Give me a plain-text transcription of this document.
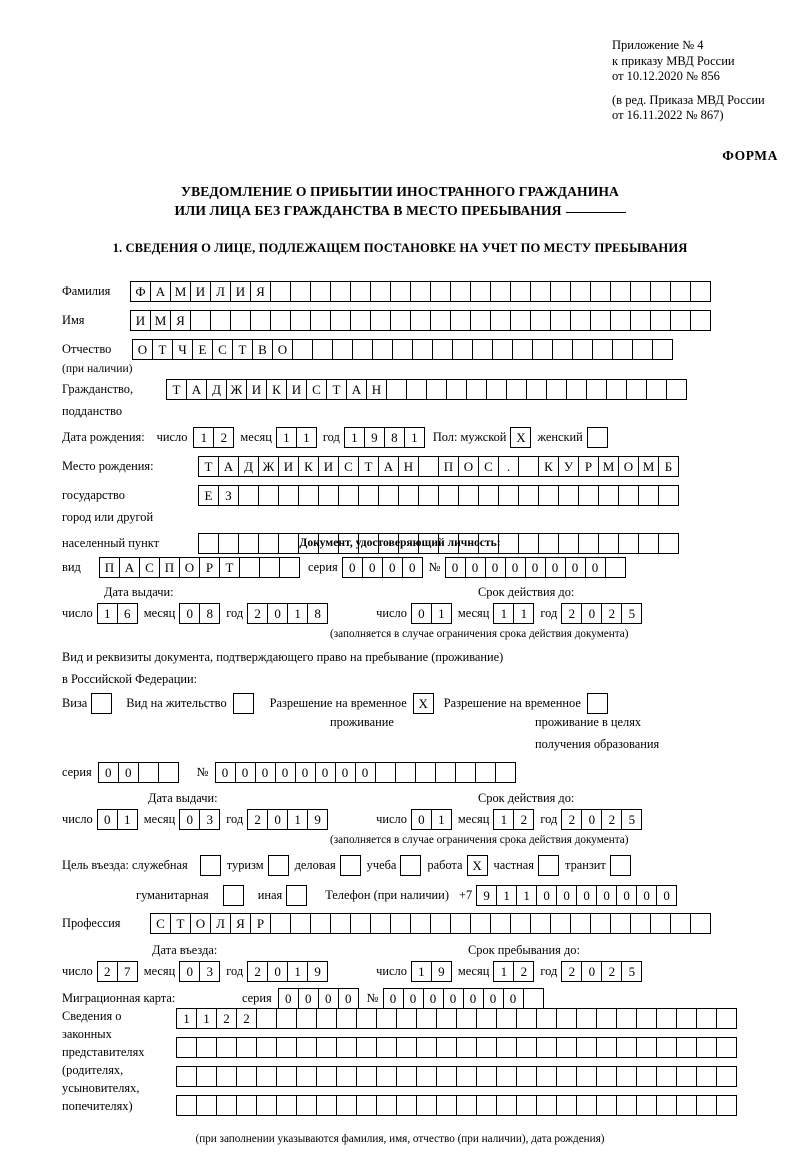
Приложение № 4
к приказу МВД России
от 10.12.2020 № 856
(в ред. Приказа МВД России
от 16.11.2022 № 867)
ФОРМА
УВЕДОМЛЕНИЕ О ПРИБЫТИИ ИНОСТРАННОГО ГРАЖДАНИНА
ИЛИ ЛИЦА БЕЗ ГРАЖДАНСТВА В МЕСТО ПРЕБЫВАНИЯ
1. СВЕДЕНИЯ О ЛИЦЕ, ПОДЛЕЖАЩЕМ ПОСТАНОВКЕ НА УЧЕТ ПО МЕСТУ ПРЕБЫВАНИЯ
Фамилия	Ф А М И Л И Я
Имя	И М Я
Отчество	О Т Ч Е С Т В О
(при наличии)
Гражданство,	Т А Д Ж И К И С Т А Н
подданство
Дата рождения: число	1	2	месяц 1	1	год 1	9	8	1	Пол: мужской X женский
Место рождения:	Т А Д Ж И К И С Т А Н	П О С	.	К У Р М О М Б
государство	Е З
город или другой
населенный пункт	Документ, удостоверяющий личность:
вид	П А С П О Р Т	серия 0	0	0	0	№ 0	0	0	0	0	0	0	0
Дата выдачи:	Срок действия до:
число 1	6	месяц 0	8	год 2	0	1	8	число 0	1	месяц 1	1	год 2	0	2	5
(заполняется в случае ограничения срока действия документа)
Вид и реквизиты документа, подтверждающего право на пребывание (проживание)
в Российской Федерации:
Виза	Вид на жительство	Разрешение на временное X	Разрешение на временное
проживание	проживание в целях
получения образования
серия	0	0	№	0	0	0	0	0	0	0	0
Дата выдачи:	Срок действия до:
число 0	1	месяц 0	3	год 2	0	1	9	число 0	1	месяц 1	2	год 2	0	2	5
(заполняется в случае ограничения срока действия документа)
Цель въезда: служебная	туризм	деловая	учеба	работа X частная	транзит
гуманитарная	иная	Телефон (при наличии) +7 9	1	1	0	0	0	0	0	0	0
Профессия	С Т О Л Я Р
Дата въезда:	Срок пребывания до:
число 2	7	месяц 0	3	год 2	0	1	9	число 1	9	месяц 1	2	год 2	0	2	5
Миграционная карта:	серия	0	0	0	0	№ 0	0	0	0	0	0	0
Сведения о
законных
представителях
(родителях,
усыновителях,
попечителях)
1	1	2	2
(при заполнении указываются фамилия, имя, отчество (при наличии), дата рождения)
